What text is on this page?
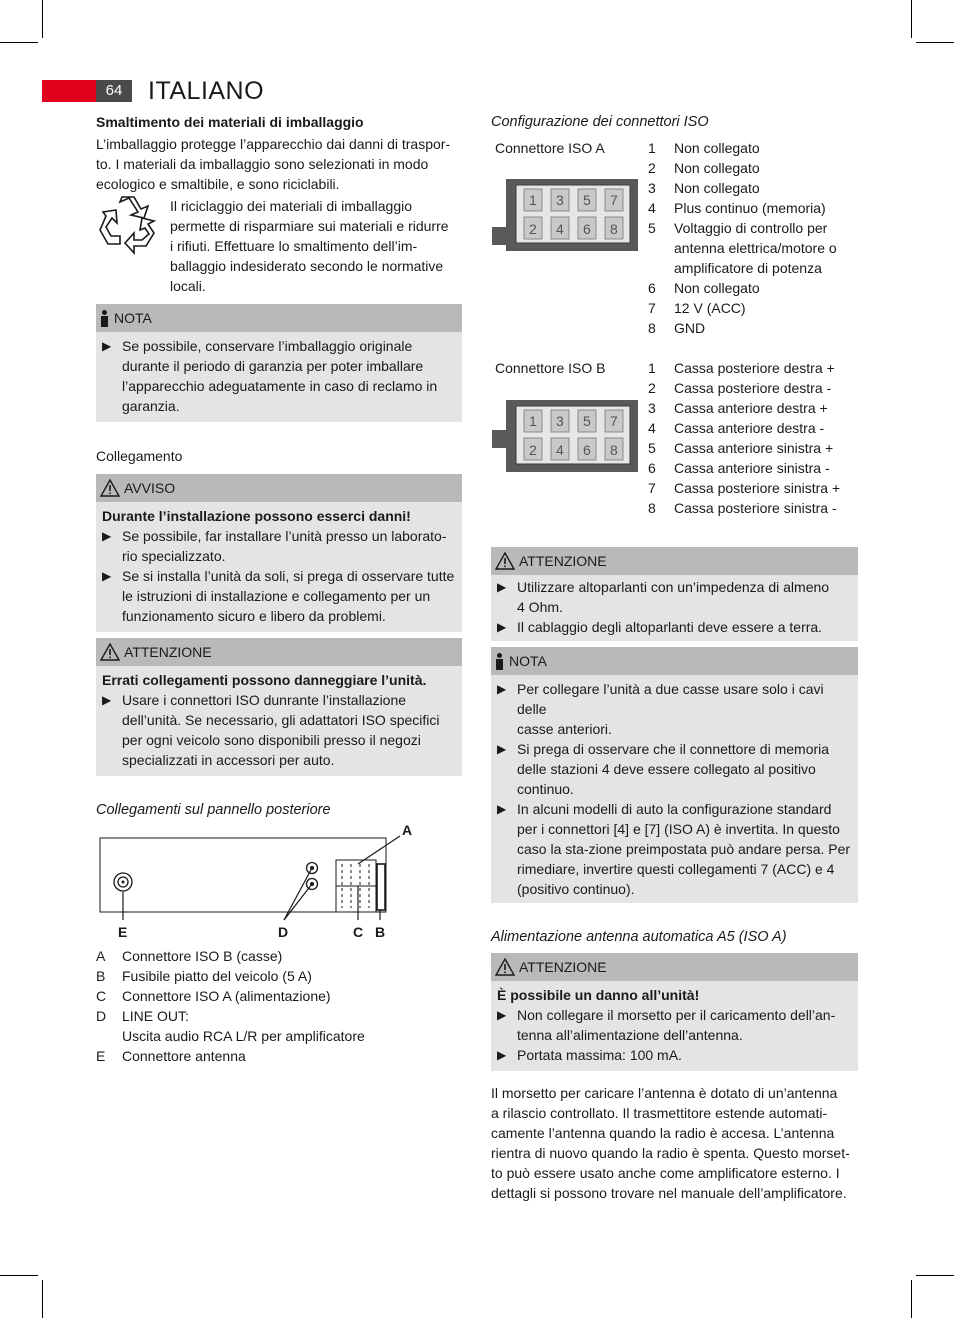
64	ITALIANO
Smaltimento dei materiali di imballaggio

L’imballaggio protegge l’apparecchio dai danni di traspor-

to. I materiali da imballaggio sono selezionati in modo

ecologico e smaltibile, e sono riciclabili.

Il riciclaggio dei materiali di imballaggio

permette di risparmiare sui materiali e ridurre

i rifiuti. Effettuare lo smaltimento dell’im-

ballaggio indesiderato secondo le normative

locali.

NOTA
▶ Se possibile, conservare l’imballaggio originale
durante il periodo di garanzia per poter imballare
l’apparecchio adeguatamente in caso di reclamo in
garanzia.
Collegamento
AVVISO
Durante l’installazione possono esserci danni!
▶ Se possibile, far installare l’unità presso un laborato-
rio specializzato.
▶ Se si installa l’unità da soli, si prega di osservare tutte
le istruzioni di installazione e collegamento per un
funzionamento sicuro e libero da problemi.
ATTENZIONE
Errati collegamenti possono danneggiare l’unità.
▶ Usare i connettori ISO dunrante l’installazione
dell’unità. Se necessario, gli adattatori ISO specifici
per ogni veicolo sono disponibili presso il negozi
specializzati in accessori per auto.
Collegamenti sul pannello posteriore
A
E	D	C B
A	Connettore ISO B (casse)
B	Fusibile piatto del veicolo (5 A)
C	Connettore ISO A (alimentazione)
D	LINE OUT:
Uscita audio RCA L/R per amplificatore
E	Connettore antenna
Configurazione dei connettori ISO
Connettore ISO A
1 3 5 7
2 4 6 8
1	Non collegato
2	Non collegato
3	Non collegato
4	Plus continuo (memoria)
5	Voltaggio di controllo per
antenna elettrica/motore o
amplificatore di potenza
6	Non collegato
7	12 V (ACC)
8	GND
Connettore ISO B
1 3 5 7
2 4 6 8
1	Cassa posteriore destra +
2	Cassa posteriore destra -
3	Cassa anteriore destra +
4	Cassa anteriore destra -
5	Cassa anteriore sinistra +
6	Cassa anteriore sinistra -
7	Cassa posteriore sinistra +
8	Cassa posteriore sinistra -
ATTENZIONE
▶ Utilizzare altoparlanti con un’impedenza di almeno
4 Ohm.
▶ Il cablaggio degli altoparlanti deve essere a terra.
NOTA
▶ Per collegare l’unità a due casse usare solo i cavi delle
casse anteriori.
▶ Si prega di osservare che il connettore di memoria
delle stazioni 4 deve essere collegato al positivo
continuo.
▶ In alcuni modelli di auto la configurazione standard
per i connettori [4] e [7] (ISO A) è invertita. In questo
caso la sta-zione preimpostata può andare persa. Per
rimediare, invertire questi collegamenti 7 (ACC) e 4
(positivo continuo).
Alimentazione antenna automatica A5 (ISO A)
ATTENZIONE
È possibile un danno all’unità!
▶ Non collegare il morsetto per il caricamento dell’an-
tenna all’alimentazione dell’antenna.
▶ Portata massima: 100 mA.

Il morsetto per caricare l’antenna è dotato di un’antenna

a rilascio controllato. Il trasmettitore estende automati-

camente l’antenna quando la radio è accesa. L’antenna

rientra di nuovo quando la radio è spenta. Questo morset-

to può essere usato anche come amplificatore esterno. I

dettagli si possono trovare nel manuale dell’amplificatore.
